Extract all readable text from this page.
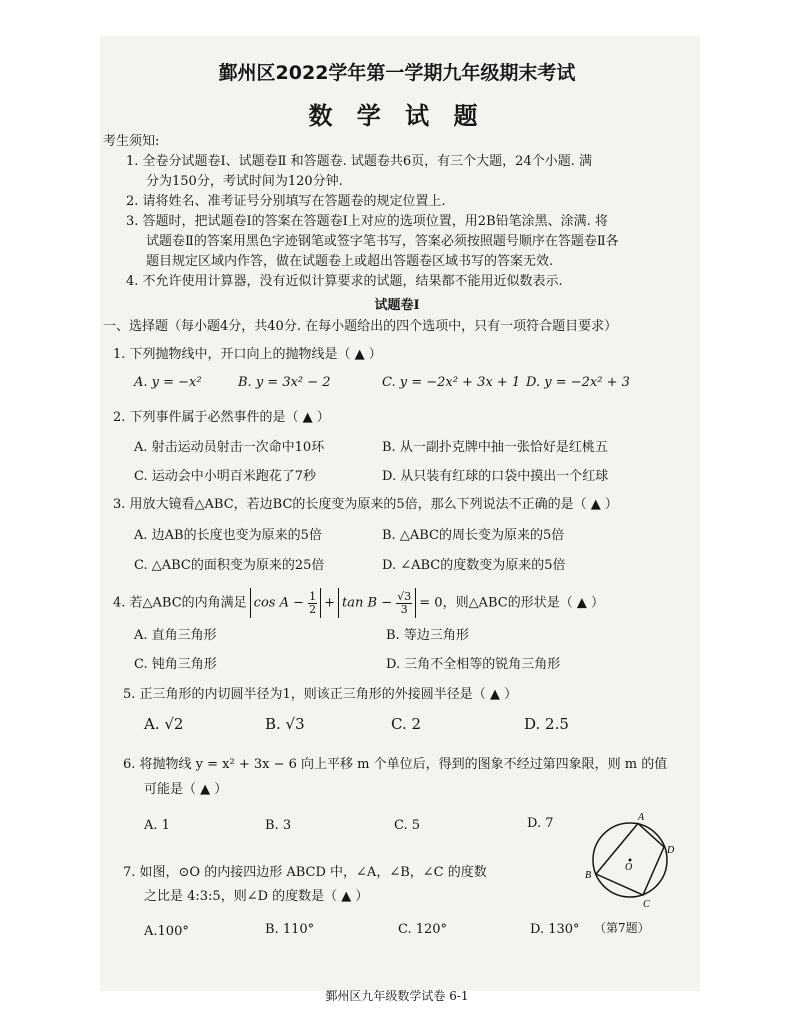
鄞州区2022学年第一学期九年级期末考试
数 学 试 题
考生须知:
1. 全卷分试题卷Ⅰ、试题卷Ⅱ 和答题卷. 试题卷共6页，有三个大题，24个小题. 满
分为150分，考试时间为120分钟.
2. 请将姓名、准考证号分别填写在答题卷的规定位置上.
3. 答题时，把试题卷Ⅰ的答案在答题卷Ⅰ上对应的选项位置，用2B铅笔涂黑、涂满. 将
试题卷Ⅱ的答案用黑色字迹钢笔或签字笔书写，答案必须按照题号顺序在答题卷Ⅱ各
题目规定区域内作答，做在试题卷上或超出答题卷区域书写的答案无效.
4. 不允许使用计算器，没有近似计算要求的试题，结果都不能用近似数表示.
试题卷Ⅰ
一、选择题（每小题4分，共40分. 在每小题给出的四个选项中，只有一项符合题目要求）
1. 下列抛物线中，开口向上的抛物线是（ ▲ ）
A. y = −x²	B. y = 3x² − 2	C. y = −2x² + 3x + 1 D. y = −2x² + 3
2. 下列事件属于必然事件的是（ ▲ ）
A. 射击运动员射击一次命中10环	B. 从一副扑克牌中抽一张恰好是红桃五
C. 运动会中小明百米跑花了7秒	D. 从只装有红球的口袋中摸出一个红球
3. 用放大镜看△ABC，若边BC的长度变为原来的5倍，那么下列说法不正确的是（ ▲ ）
A. 边AB的长度也变为原来的5倍	B. △ABC的周长变为原来的5倍
C. △ABC的面积变为原来的25倍	D. ∠ABC的度数变为原来的5倍
4. 若△ABC的内角满足 $\cos A - \frac{1}{2} + \tan B - \frac{√3}{3} = 0$，则△ABC的形状是（ ▲ ）
A. 直角三角形	B. 等边三角形
C. 钝角三角形	D. 三角不全相等的锐角三角形
5. 正三角形的内切圆半径为1，则该正三角形的外接圆半径是（ ▲ ）
A. √2	B. √3	C. 2	D. 2.5
6. 将抛物线 y = x² + 3x − 6 向上平移 m 个单位后，得到的图象不经过第四象限，则 m 的值
可能是（ ▲ ）
A. 1	B. 3	C. 5	D. 7
7. 如图，⊙O 的内接四边形 ABCD 中，∠A，∠B，∠C 的度数
之比是 4:3:5，则∠D 的度数是（ ▲ ）
A.100°	B. 110°	C. 120°	D. 130° （第7题）
A
D
C
B
O
鄞州区九年级数学试卷 6-1
